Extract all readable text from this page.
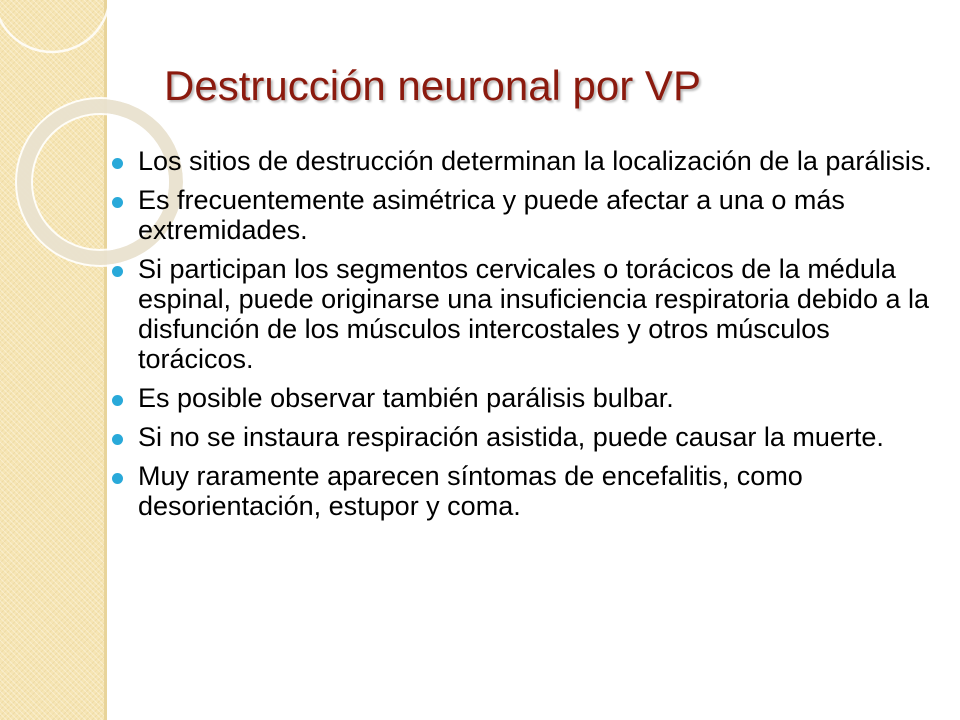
Destrucción neuronal por VP
Los sitios de destrucción determinan la localización de la parálisis.
Es frecuentemente asimétrica y puede afectar a una o más extremidades.
Si participan los segmentos cervicales o torácicos de la médula espinal, puede originarse una insuficiencia respiratoria debido a la disfunción de los músculos intercostales y otros músculos torácicos.
Es posible observar también parálisis bulbar.
Si no se instaura respiración asistida, puede causar la muerte.
Muy raramente aparecen síntomas de encefalitis, como desorientación, estupor y coma.
